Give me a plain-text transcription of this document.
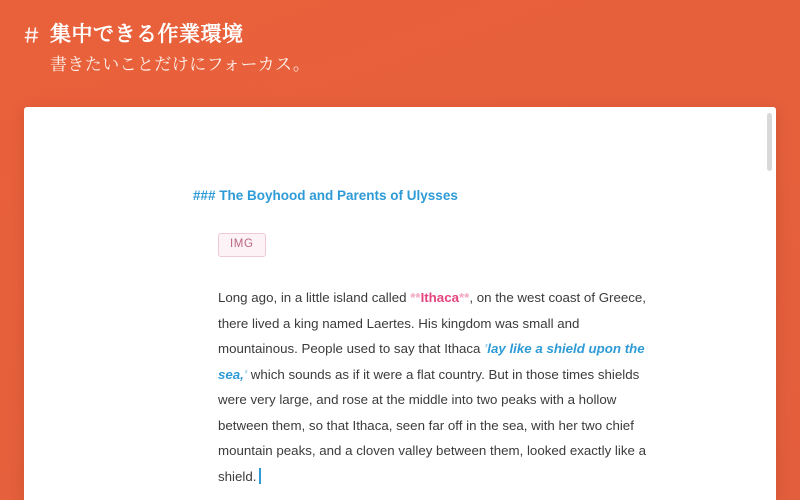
集中できる作業環境
書きたいことだけにフォーカス。
### The Boyhood and Parents of Ulysses
IMG
Long ago, in a little island called **Ithaca**, on the west coast of Greece, there lived a king named Laertes. His kingdom was small and mountainous. People used to say that Ithaca 'lay like a shield upon the sea,' which sounds as if it were a flat country. But in those times shields were very large, and rose at the middle into two peaks with a hollow between them, so that Ithaca, seen far off in the sea, with her two chief mountain peaks, and a cloven valley between them, looked exactly like a shield.
